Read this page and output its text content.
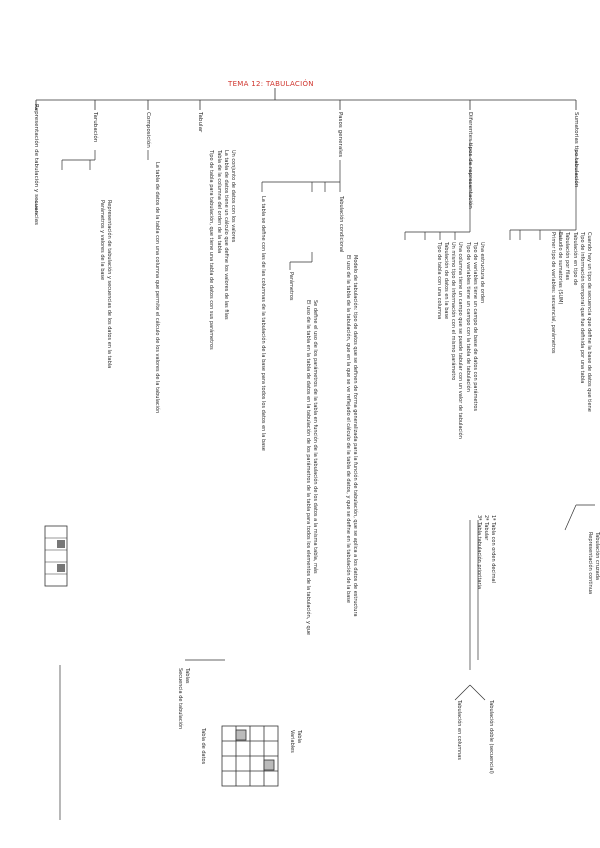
TEMA 12: TABULACIÓN
Sumatorias tipo tabulación
Cuando hay un tipo de secuencia que define la base de datos que tiene
Tipo de información temporal que fue definida por una tabla
Tabulación en tipo de
Tabulación por filas
Estudio de sumatorias (SUM)
Primer tipo de variables: secuencial, parámetros
Tabulación cruzada
Representación continua
Diferentes tipos de representación
Una estructura de orden
Tipo de variables tiene un campo de base de datos con parámetros
Tipo de variables tiene un campo con la tabla de tabulación
Una columna tiene un campo que se puede tabular con un valor de tabulación
Un mismo tipo de información con el mismo parámetro
Tabulación de datos en la base
Tipo de tabla con una columna
1ª Tabla con orden decimal
2ª Tabular
3ª Tabla tabulación prioritaria
Tabulación doble (secuencial)
Tabulación en columnas
Pasos generales
Modelo de tabulación: tipo de datos que se definen de forma generalizada para la función de tabulación, que se aplica a los datos de estructura
El uso de la tabla de la tabulación, que en la que se ve reflejado el cálculo de la tabla de datos, y que se define en la tabulación de la base
Tabulación condicional
Parámetros
Se define el uso de los parámetros de la tabla en función de la tabulación de los datos a la misma tabla, más
El uso de la tabla en la tabla de datos en la tabulación de los parámetros de la tabla para todos los elementos de la tabulación, y que
La tabla se define con las de las columnas de la tabulación de la base para todos los datos en la base
Tabular
Un conjunto de datos con los valores
La tabla de datos tiene un cálculo que define los valores de las filas
Tabla de la columna del orden de la tabla
Tipo de tabla para tabulación, que tiene una tabla de datos con sus parámetros
Composición
La tabla de datos de la tabla con una columna que permite el cálculo de los valores de la tabulación
Tarubación
Representación de tabulación y secuencias de los datos en la tabla
Parámetros y valores de la base
Representación de tabulación y secuencias
Tabla
Variables
Tabla de datos
Tablas
Secuencia de tabulación
